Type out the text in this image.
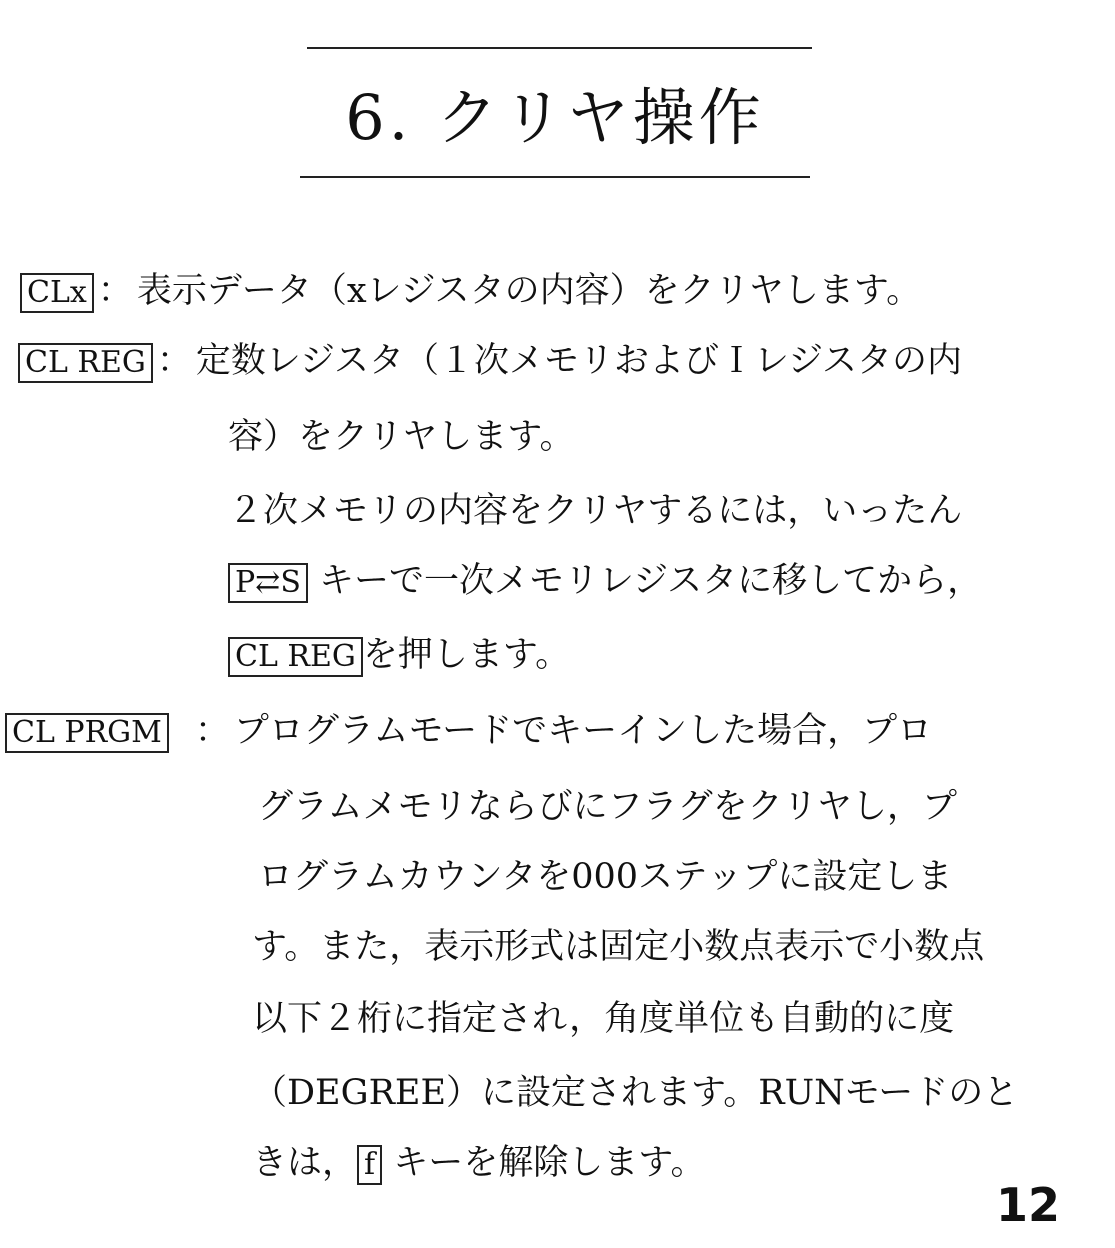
6. クリヤ操作
CLx ： 表示データ（xレジスタの内容）をクリヤします。
CL REG ： 定数レジスタ（１次メモリおよびＩレジスタの内
容）をクリヤします。
２次メモリの内容をクリヤするには，いったん
P⇄S キーで一次メモリレジスタに移してから，
CL REG を押します。
CL PRGM ： プログラムモードでキーインした場合，プロ
グラムメモリならびにフラグをクリヤし，プ
ログラムカウンタを000ステップに設定しま
す。また，表示形式は固定小数点表示で小数点
以下２桁に指定され，角度単位も自動的に度
（DEGREE）に設定されます。RUNモードのと
きは， f キーを解除します。
12
